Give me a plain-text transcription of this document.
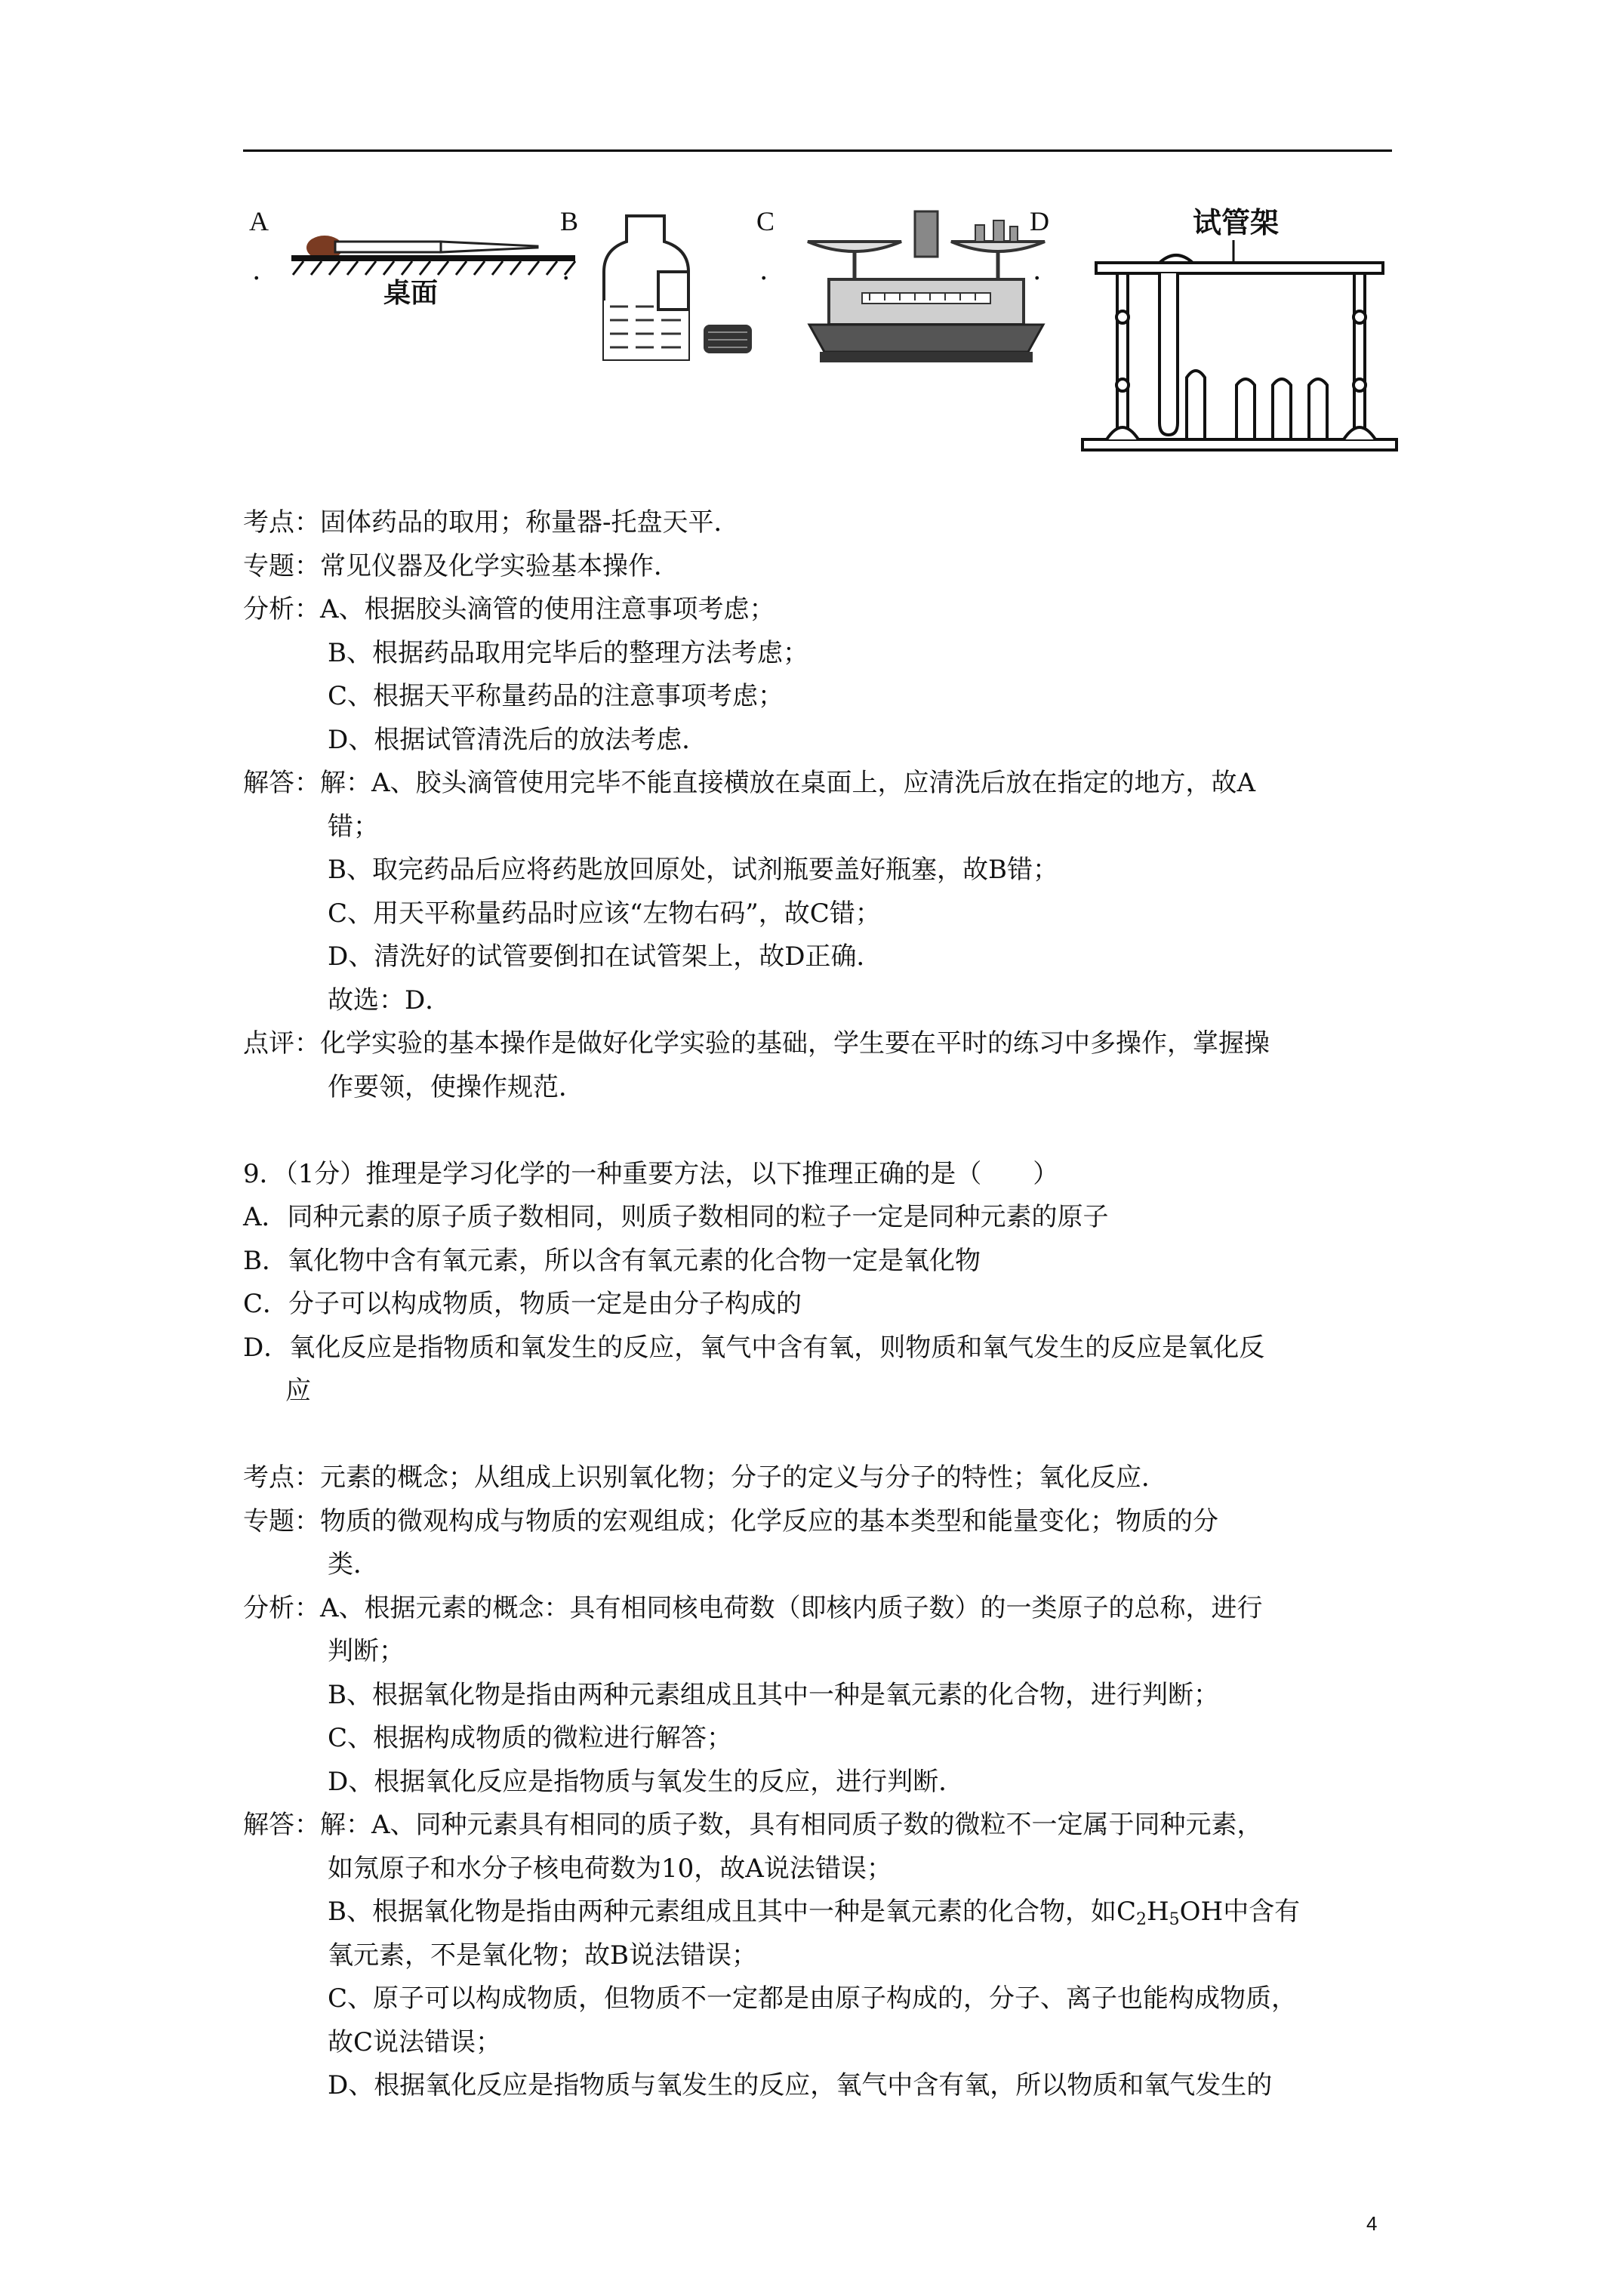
A
.
桌面
B
.
C
.
D
.
试管架
考点：固体药品的取用；称量器-托盘天平．
专题：常见仪器及化学实验基本操作．
分析：A、根据胶头滴管的使用注意事项考虑；
B、根据药品取用完毕后的整理方法考虑；
C、根据天平称量药品的注意事项考虑；
D、根据试管清洗后的放法考虑．
解答：解：A、胶头滴管使用完毕不能直接横放在桌面上，应清洗后放在指定的地方，故A
错；
B、取完药品后应将药匙放回原处，试剂瓶要盖好瓶塞，故B错；
C、用天平称量药品时应该“左物右码”，故C错；
D、清洗好的试管要倒扣在试管架上，故D正确．
故选：D．
点评：化学实验的基本操作是做好化学实验的基础，学生要在平时的练习中多操作，掌握操
作要领，使操作规范．
9．（1分）推理是学习化学的一种重要方法，以下推理正确的是（　　）
A．同种元素的原子质子数相同，则质子数相同的粒子一定是同种元素的原子
B．氧化物中含有氧元素，所以含有氧元素的化合物一定是氧化物
C．分子可以构成物质，物质一定是由分子构成的
D．氧化反应是指物质和氧发生的反应，氧气中含有氧，则物质和氧气发生的反应是氧化反
应
考点：元素的概念；从组成上识别氧化物；分子的定义与分子的特性；氧化反应．
专题：物质的微观构成与物质的宏观组成；化学反应的基本类型和能量变化；物质的分
类．
分析：A、根据元素的概念：具有相同核电荷数（即核内质子数）的一类原子的总称，进行
判断；
B、根据氧化物是指由两种元素组成且其中一种是氧元素的化合物，进行判断；
C、根据构成物质的微粒进行解答；
D、根据氧化反应是指物质与氧发生的反应，进行判断．
解答：解：A、同种元素具有相同的质子数，具有相同质子数的微粒不一定属于同种元素，
如氖原子和水分子核电荷数为10，故A说法错误；
B、根据氧化物是指由两种元素组成且其中一种是氧元素的化合物，如$C_2H_5OH$中含有
氧元素，不是氧化物；故B说法错误；
C、原子可以构成物质，但物质不一定都是由原子构成的，分子、离子也能构成物质，
故C说法错误；
D、根据氧化反应是指物质与氧发生的反应，氧气中含有氧，所以物质和氧气发生的
4
